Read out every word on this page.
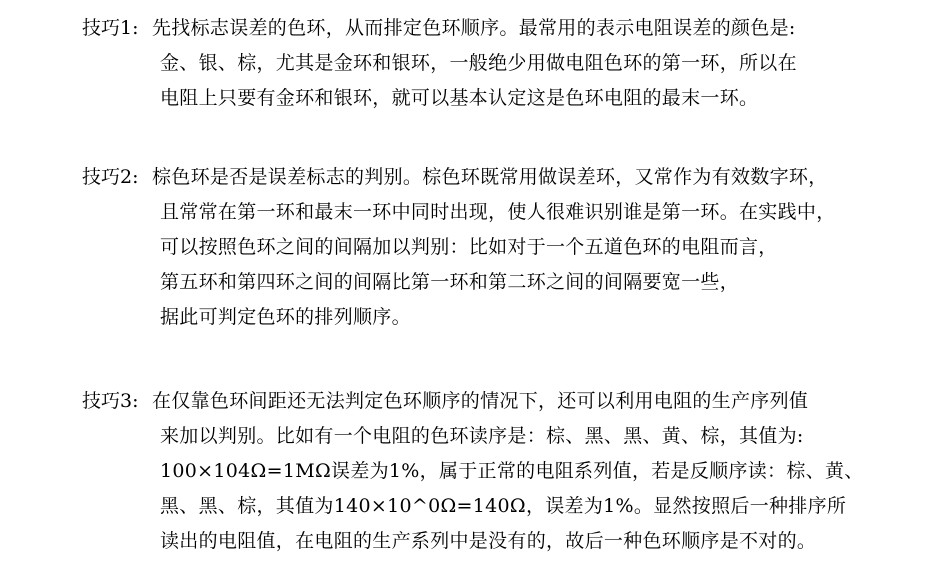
技巧1: 先找标志误差的色环，从而排定色环顺序。最常用的表示电阻误差的颜色是:
金、银、棕，尤其是金环和银环，一般绝少用做电阻色环的第一环，所以在
电阻上只要有金环和银环，就可以基本认定这是色环电阻的最末一环。
技巧2: 棕色环是否是误差标志的判别。棕色环既常用做误差环，又常作为有效数字环，
且常常在第一环和最末一环中同时出现，使人很难识别谁是第一环。在实践中，
可以按照色环之间的间隔加以判别：比如对于一个五道色环的电阻而言，
第五环和第四环之间的间隔比第一环和第二环之间的间隔要宽一些，
据此可判定色环的排列顺序。
技巧3: 在仅靠色环间距还无法判定色环顺序的情况下，还可以利用电阻的生产序列值
来加以判别。比如有一个电阻的色环读序是：棕、黑、黑、黄、棕，其值为:
100×104Ω=1MΩ误差为1%，属于正常的电阻系列值，若是反顺序读：棕、黄、
黑、黑、棕，其值为140×10^0Ω=140Ω，误差为1%。显然按照后一种排序所
读出的电阻值，在电阻的生产系列中是没有的，故后一种色环顺序是不对的。
